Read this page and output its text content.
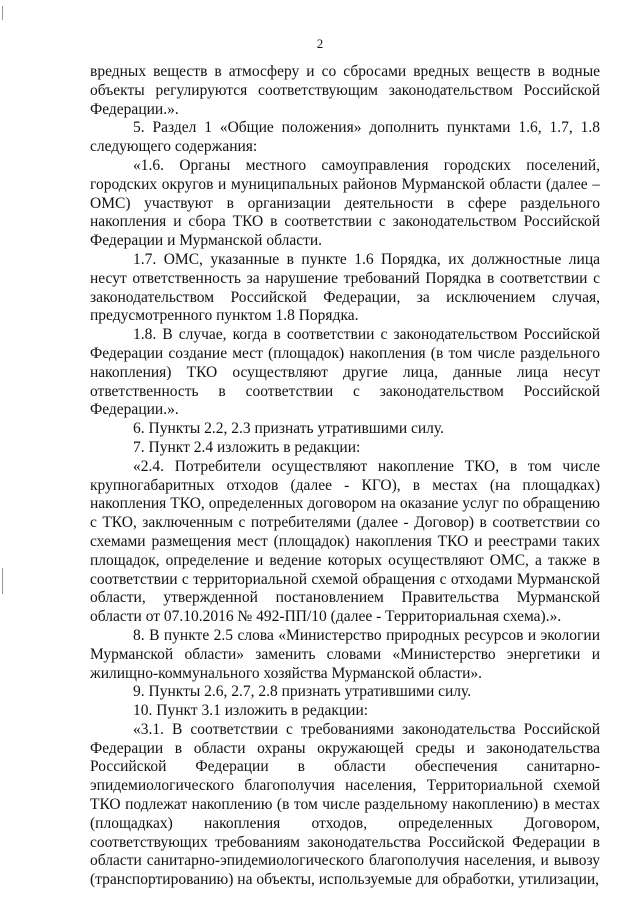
2

вредных веществ в атмосферу и со сбросами вредных веществ в водные объекты регулируются соответствующим законодательством Российской Федерации.».

5. Раздел 1 «Общие положения» дополнить пунктами 1.6, 1.7, 1.8 следующего содержания:

«1.6. Органы местного самоуправления городских поселений, городских округов и муниципальных районов Мурманской области (далее – ОМС) участвуют в организации деятельности в сфере раздельного накопления и сбора ТКО в соответствии с законодательством Российской Федерации и Мурманской области.

1.7. ОМС, указанные в пункте 1.6 Порядка, их должностные лица несут ответственность за нарушение требований Порядка в соответствии с законодательством Российской Федерации, за исключением случая, предусмотренного пунктом 1.8 Порядка.

1.8. В случае, когда в соответствии с законодательством Российской Федерации создание мест (площадок) накопления (в том числе раздельного накопления) ТКО осуществляют другие лица, данные лица несут ответственность в соответствии с законодательством Российской Федерации.».

6. Пункты 2.2, 2.3 признать утратившими силу.

7. Пункт 2.4 изложить в редакции:

«2.4. Потребители осуществляют накопление ТКО, в том числе крупногабаритных отходов (далее - КГО), в местах (на площадках) накопления ТКО, определенных договором на оказание услуг по обращению с ТКО, заключенным с потребителями (далее - Договор) в соответствии со схемами размещения мест (площадок) накопления ТКО и реестрами таких площадок, определение и ведение которых осуществляют ОМС, а также в соответствии с территориальной схемой обращения с отходами Мурманской области, утвержденной постановлением Правительства Мурманской области от 07.10.2016 № 492-ПП/10 (далее - Территориальная схема).».

8. В пункте 2.5 слова «Министерство природных ресурсов и экологии Мурманской области» заменить словами «Министерство энергетики и жилищно-коммунального хозяйства Мурманской области».

9. Пункты 2.6, 2.7, 2.8 признать утратившими силу.

10. Пункт 3.1 изложить в редакции:

«3.1. В соответствии с требованиями законодательства Российской Федерации в области охраны окружающей среды и законодательства Российской Федерации в области обеспечения санитарно-эпидемиологического благополучия населения, Территориальной схемой ТКО подлежат накоплению (в том числе раздельному накоплению) в местах (площадках) накопления отходов, определенных Договором, соответствующих требованиям законодательства Российской Федерации в области санитарно-эпидемиологического благополучия населения, и вывозу (транспортированию) на объекты, используемые для обработки, утилизации,
